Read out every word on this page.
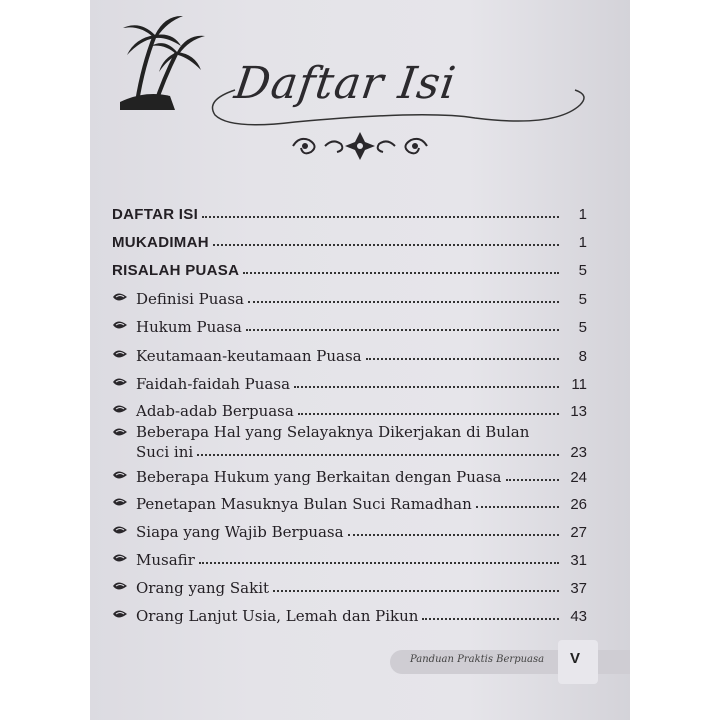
Daftar Isi
DAFTAR ISI	1
MUKADIMAH	1
RISALAH PUASA	5
Definisi Puasa	5
Hukum Puasa	5
Keutamaan-keutamaan Puasa	8
Faidah-faidah Puasa	11
Adab-adab Berpuasa	13
Beberapa Hal yang Selayaknya Dikerjakan di Bulan
Suci ini	23
Beberapa Hukum yang Berkaitan dengan Puasa	24
Penetapan Masuknya Bulan Suci Ramadhan	26
Siapa yang Wajib Berpuasa	27
Musafir	31
Orang yang Sakit	37
Orang Lanjut Usia, Lemah dan Pikun	43
Panduan Praktis Berpuasa V
